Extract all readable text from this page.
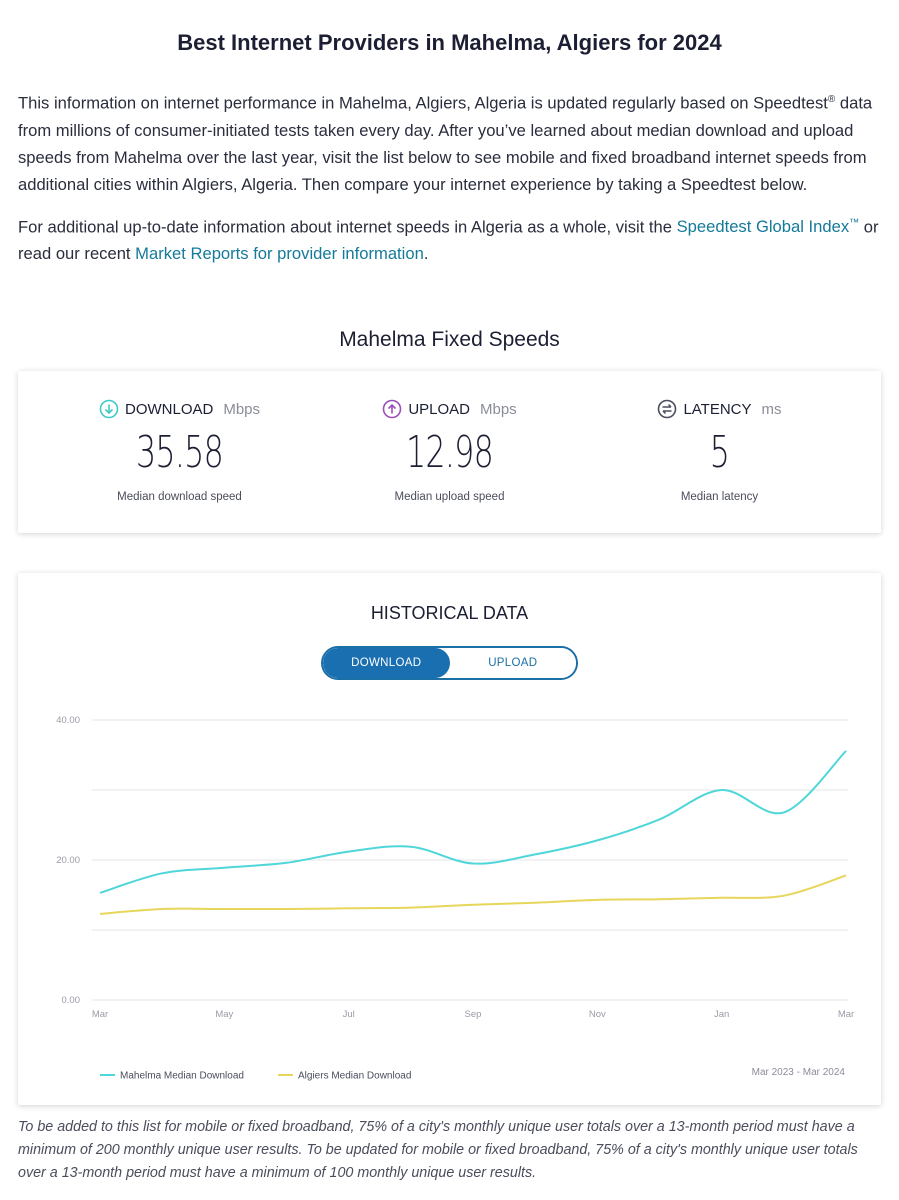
Best Internet Providers in Mahelma, Algiers for 2024

This information on internet performance in Mahelma, Algiers, Algeria is updated regularly based on Speedtest® data from millions of consumer-initiated tests taken every day. After you’ve learned about median download and upload speeds from Mahelma over the last year, visit the list below to see mobile and fixed broadband internet speeds from additional cities within Algiers, Algeria. Then compare your internet experience by taking a Speedtest below.

For additional up-to-date information about internet speeds in Algeria as a whole, visit the Speedtest Global Index™ or read our recent Market Reports for provider information.

Mahelma Fixed Speeds
DOWNLOAD Mbps
35.58
Median download speed
UPLOAD Mbps
12.98
Median upload speed
LATENCY ms
5
Median latency
HISTORICAL DATA
DOWNLOAD	UPLOAD
0.00
20.00
40.00
Mar	May	Jul	Sep	Nov	Jan	Mar
Mahelma Median Download	Algiers Median Download	Mar 2023 - Mar 2024
To be added to this list for mobile or fixed broadband, 75% of a city's monthly unique user totals over a 13-month period must have a minimum of 200 monthly unique user results. To be updated for mobile or fixed broadband, 75% of a city's monthly unique user totals over a 13-month period must have a minimum of 100 monthly unique user results.
